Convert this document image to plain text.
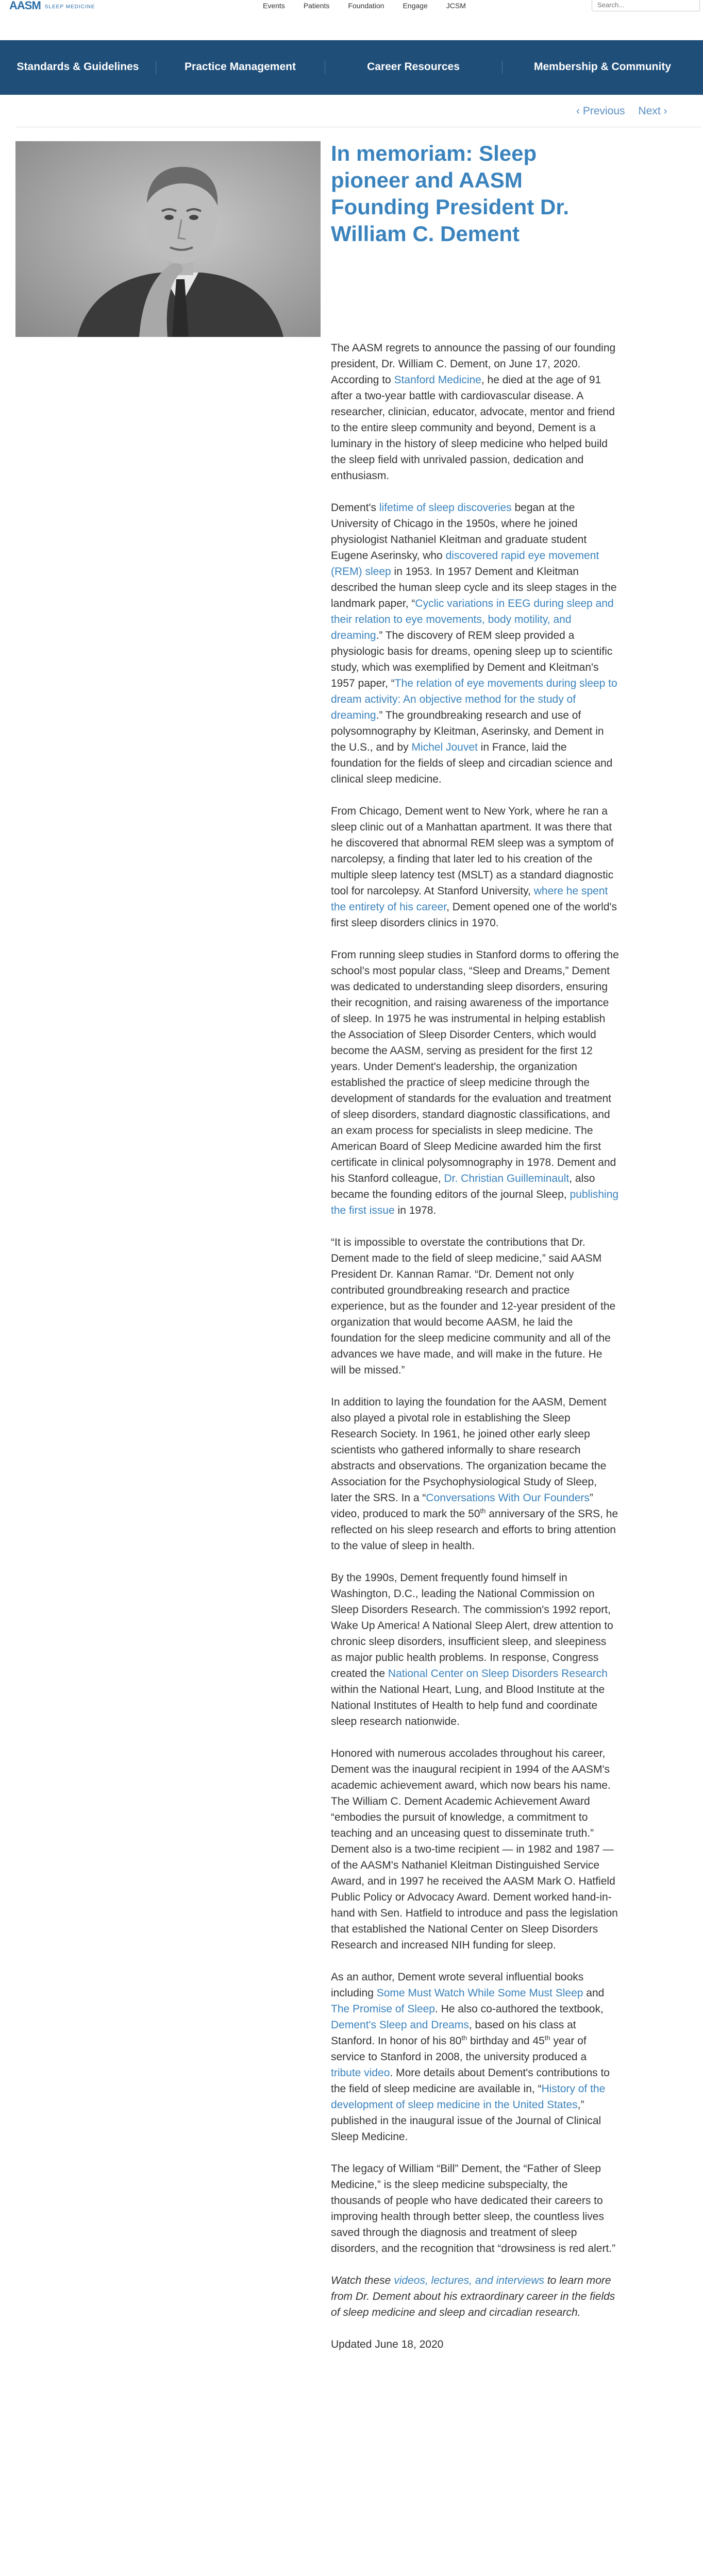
AASM SLEEP MEDICINE	Events	Patients	Foundation	Engage	JCSM
Search...
Standards & Guidelines	Practice Management	Career Resources	Membership & Community
‹ Previous Next ›
In memoriam: Sleep pioneer and AASM Founding President Dr. William C. Dement

The AASM regrets to announce the passing of our founding president, Dr. William C. Dement, on June 17, 2020. According to Stanford Medicine, he died at the age of 91 after a two-year battle with cardiovascular disease. A researcher, clinician, educator, advocate, mentor and friend to the entire sleep community and beyond, Dement is a luminary in the history of sleep medicine who helped build the sleep field with unrivaled passion, dedication and enthusiasm.

Dement's lifetime of sleep discoveries began at the University of Chicago in the 1950s, where he joined physiologist Nathaniel Kleitman and graduate student Eugene Aserinsky, who discovered rapid eye movement (REM) sleep in 1953. In 1957 Dement and Kleitman described the human sleep cycle and its sleep stages in the landmark paper, “Cyclic variations in EEG during sleep and their relation to eye movements, body motility, and dreaming.” The discovery of REM sleep provided a physiologic basis for dreams, opening sleep up to scientific study, which was exemplified by Dement and Kleitman's 1957 paper, “The relation of eye movements during sleep to dream activity: An objective method for the study of dreaming.” The groundbreaking research and use of polysomnography by Kleitman, Aserinsky, and Dement in the U.S., and by Michel Jouvet in France, laid the foundation for the fields of sleep and circadian science and clinical sleep medicine.

From Chicago, Dement went to New York, where he ran a sleep clinic out of a Manhattan apartment. It was there that he discovered that abnormal REM sleep was a symptom of narcolepsy, a finding that later led to his creation of the multiple sleep latency test (MSLT) as a standard diagnostic tool for narcolepsy. At Stanford University, where he spent the entirety of his career, Dement opened one of the world's first sleep disorders clinics in 1970.

From running sleep studies in Stanford dorms to offering the school's most popular class, “Sleep and Dreams,” Dement was dedicated to understanding sleep disorders, ensuring their recognition, and raising awareness of the importance of sleep. In 1975 he was instrumental in helping establish the Association of Sleep Disorder Centers, which would become the AASM, serving as president for the first 12 years. Under Dement's leadership, the organization established the practice of sleep medicine through the development of standards for the evaluation and treatment of sleep disorders, standard diagnostic classifications, and an exam process for specialists in sleep medicine. The American Board of Sleep Medicine awarded him the first certificate in clinical polysomnography in 1978. Dement and his Stanford colleague, Dr. Christian Guilleminault, also became the founding editors of the journal Sleep, publishing the first issue in 1978.

“It is impossible to overstate the contributions that Dr. Dement made to the field of sleep medicine,” said AASM President Dr. Kannan Ramar. “Dr. Dement not only contributed groundbreaking research and practice experience, but as the founder and 12-year president of the organization that would become AASM, he laid the foundation for the sleep medicine community and all of the advances we have made, and will make in the future. He will be missed.”

In addition to laying the foundation for the AASM, Dement also played a pivotal role in establishing the Sleep Research Society. In 1961, he joined other early sleep scientists who gathered informally to share research abstracts and observations. The organization became the Association for the Psychophysiological Study of Sleep, later the SRS. In a “Conversations With Our Founders” video, produced to mark the 50th anniversary of the SRS, he reflected on his sleep research and efforts to bring attention to the value of sleep in health.

By the 1990s, Dement frequently found himself in Washington, D.C., leading the National Commission on Sleep Disorders Research. The commission's 1992 report, Wake Up America! A National Sleep Alert, drew attention to chronic sleep disorders, insufficient sleep, and sleepiness as major public health problems. In response, Congress created the National Center on Sleep Disorders Research within the National Heart, Lung, and Blood Institute at the National Institutes of Health to help fund and coordinate sleep research nationwide.

Honored with numerous accolades throughout his career, Dement was the inaugural recipient in 1994 of the AASM's academic achievement award, which now bears his name. The William C. Dement Academic Achievement Award “embodies the pursuit of knowledge, a commitment to teaching and an unceasing quest to disseminate truth.” Dement also is a two-time recipient — in 1982 and 1987 — of the AASM's Nathaniel Kleitman Distinguished Service Award, and in 1997 he received the AASM Mark O. Hatfield Public Policy or Advocacy Award. Dement worked hand-in-hand with Sen. Hatfield to introduce and pass the legislation that established the National Center on Sleep Disorders Research and increased NIH funding for sleep.

As an author, Dement wrote several influential books including Some Must Watch While Some Must Sleep and The Promise of Sleep. He also co-authored the textbook, Dement's Sleep and Dreams, based on his class at Stanford. In honor of his 80th birthday and 45th year of service to Stanford in 2008, the university produced a tribute video. More details about Dement's contributions to the field of sleep medicine are available in, “History of the development of sleep medicine in the United States,” published in the inaugural issue of the Journal of Clinical Sleep Medicine.

The legacy of William “Bill” Dement, the “Father of Sleep Medicine,” is the sleep medicine subspecialty, the thousands of people who have dedicated their careers to improving health through better sleep, the countless lives saved through the diagnosis and treatment of sleep disorders, and the recognition that “drowsiness is red alert.”

Watch these videos, lectures, and interviews to learn more from Dr. Dement about his extraordinary career in the fields of sleep medicine and sleep and circadian research.

Updated June 18, 2020
